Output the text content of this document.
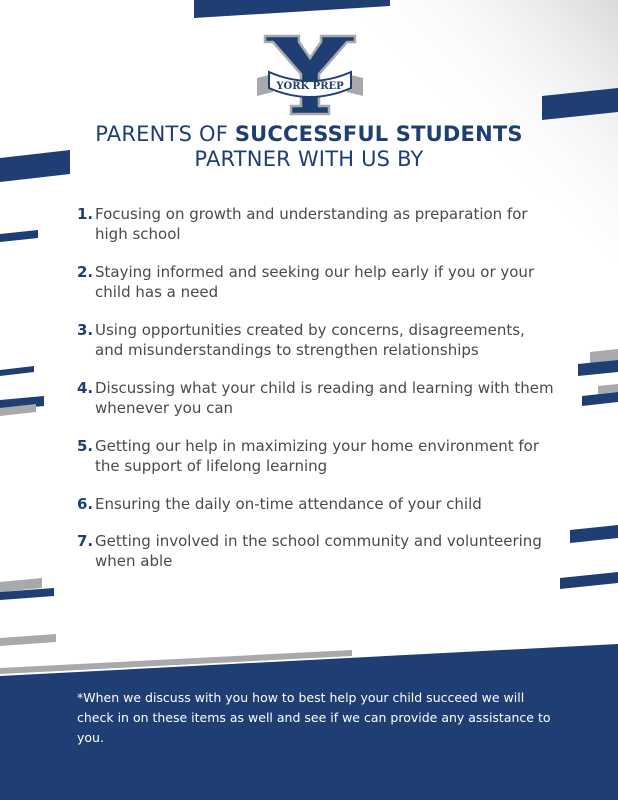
YORK PREP
PARENTS OF SUCCESSFUL STUDENTS
PARTNER WITH US BY
1. Focusing on growth and understanding as preparation for high school
2. Staying informed and seeking our help early if you or your child has a need
3. Using opportunities created by concerns, disagreements, and misunderstandings to strengthen relationships
4. Discussing what your child is reading and learning with them whenever you can
5. Getting our help in maximizing your home environment for the support of lifelong learning
6. Ensuring the daily on-time attendance of your child
7. Getting involved in the school community and volunteering when able
*When we discuss with you how to best help your child succeed we will check in on these items as well and see if we can provide any assistance to you.
